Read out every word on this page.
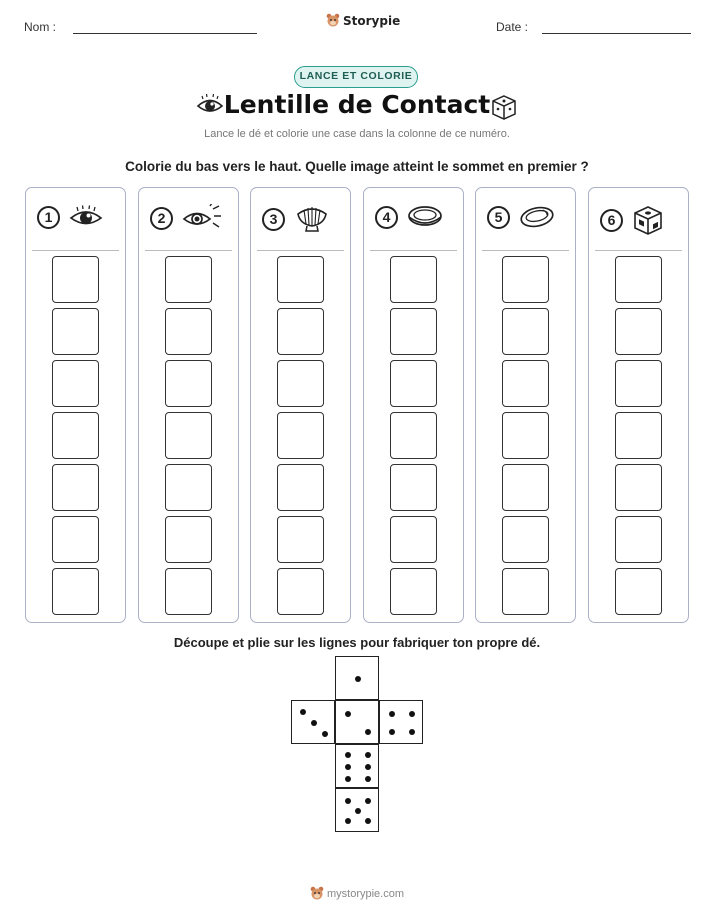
Nom :	Storypie	Date :
LANCE ET COLORIE
Lentille de Contact
Lance le dé et colorie une case dans la colonne de ce numéro.
Colorie du bas vers le haut. Quelle image atteint le sommet en premier ?
1	2	3	4	5	6
Découpe et plie sur les lignes pour fabriquer ton propre dé.
mystorypie.com
